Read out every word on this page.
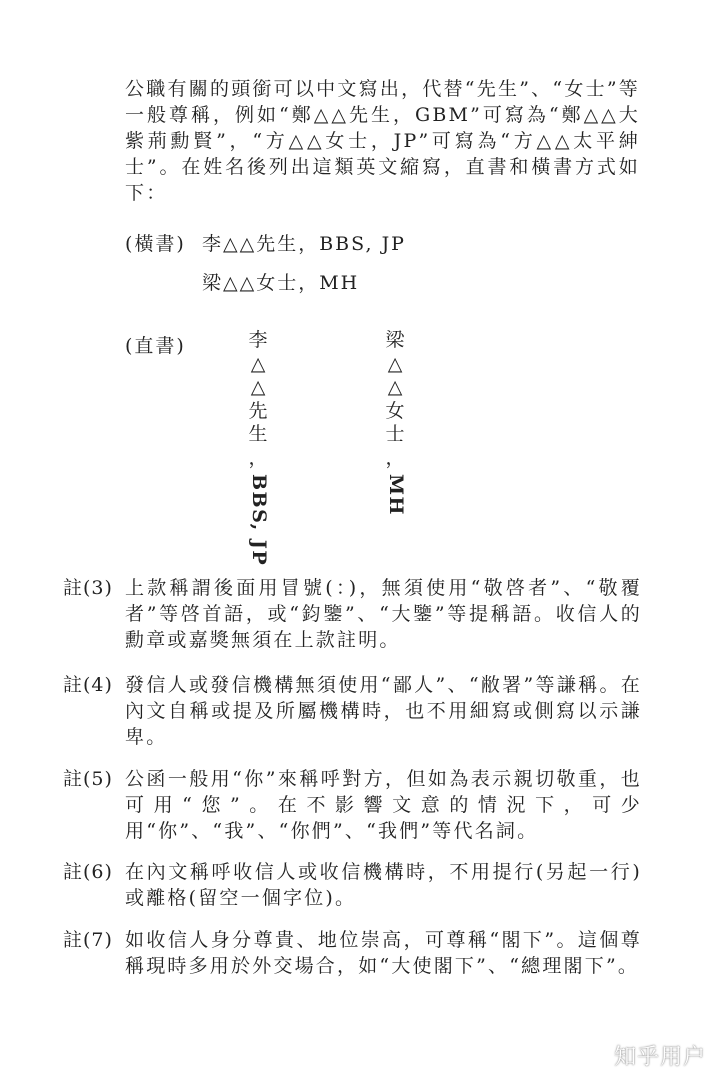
公職有關的頭銜可以中文寫出，代替“先生”、“女士”等一般尊稱，例如“鄭△△先生，GBM”可寫為“鄭△△大紫荊勳賢”，“方△△女士，JP”可寫為“方△△太平紳士”。在姓名後列出這類英文縮寫，直書和橫書方式如下：

(橫書) 李△△先生，BBS, JP
梁△△女士，MH
(直書)	李
△
△
先
生
，
BBS, JP
梁
△
△
女
士
，
MH
註(3) 上款稱謂後面用冒號(：)，無須使用“敬啓者”、“敬覆者”等啓首語，或“鈞鑒”、“大鑒”等提稱語。收信人的勳章或嘉獎無須在上款註明。

註(4) 發信人或發信機構無須使用“鄙人”、“敝署”等謙稱。在內文自稱或提及所屬機構時，也不用細寫或側寫以示謙卑。

註(5) 公函一般用“你”來稱呼對方，但如為表示親切敬重，也可用“您”。在不影響文意的情況下，可少用“你”、“我”、“你們”、“我們”等代名詞。

註(6) 在內文稱呼收信人或收信機構時，不用提行(另起一行)或離格(留空一個字位)。

註(7) 如收信人身分尊貴、地位崇高，可尊稱“閣下”。這個尊稱現時多用於外交場合，如“大使閣下”、“總理閣下”。

知乎用户
